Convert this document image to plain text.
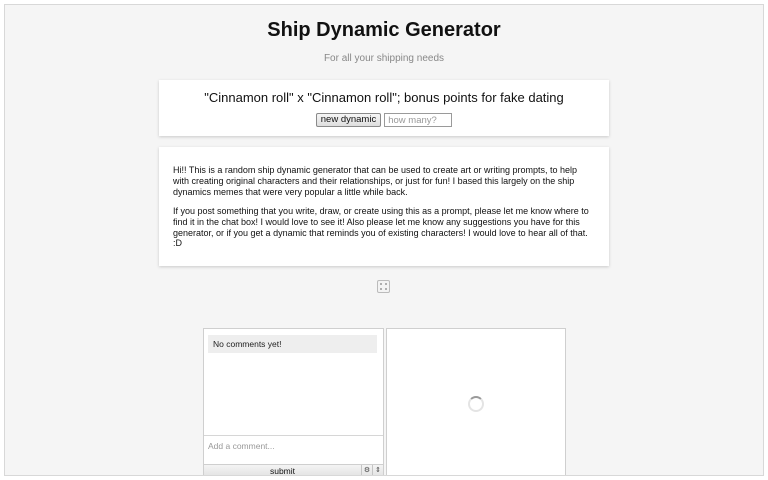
Ship Dynamic Generator
For all your shipping needs
"Cinnamon roll" x "Cinnamon roll"; bonus points for fake dating
new dynamic
how many?

Hi!! This is a random ship dynamic generator that can be used to create art or writing prompts, to help with creating original characters and their relationships, or just for fun! I based this largely on the ship dynamics memes that were very popular a little while back.

If you post something that you write, draw, or create using this as a prompt, please let me know where to find it in the chat box! I would love to see it! Also please let me know any suggestions you have for this generator, or if you get a dynamic that reminds you of existing characters! I would love to hear all of that. :D

No comments yet!
Add a comment...
submit	⚙ ⇕
